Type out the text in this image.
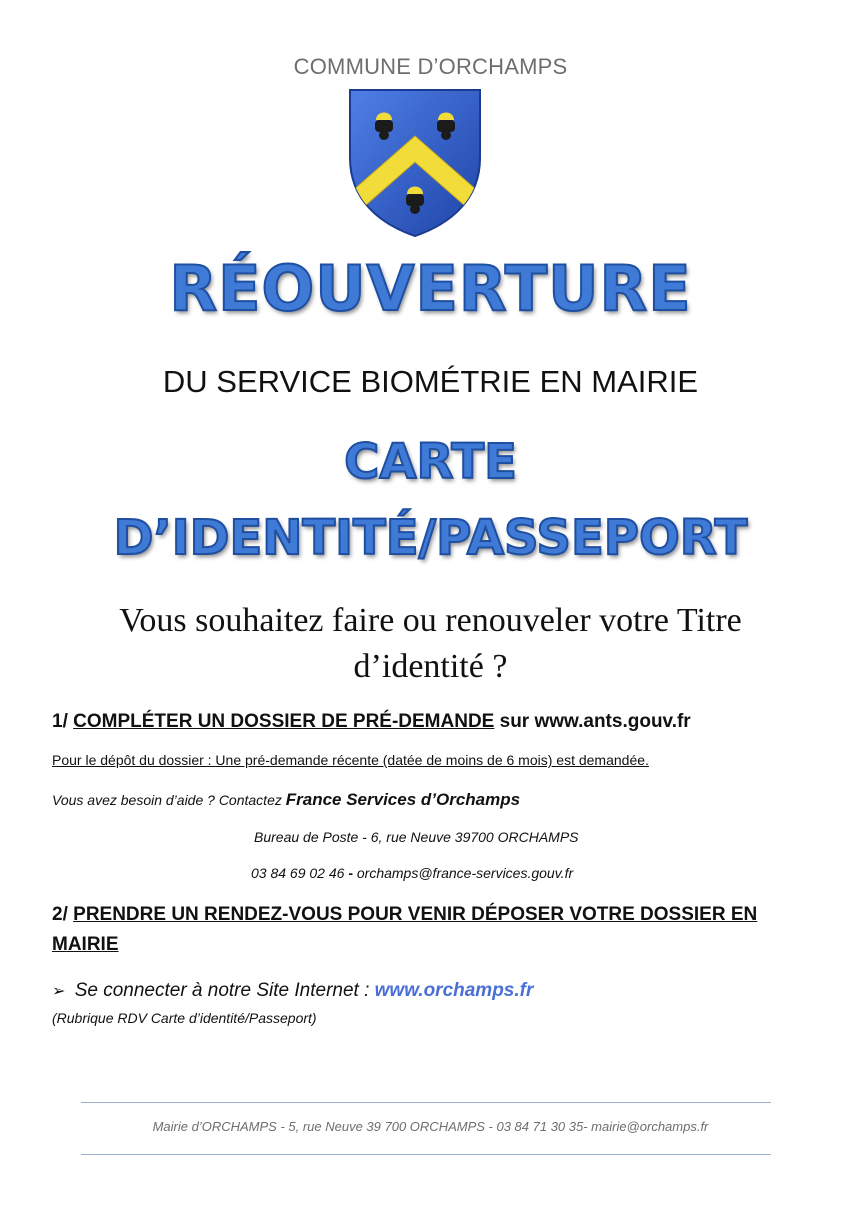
COMMUNE D’ORCHAMPS
RÉOUVERTURE
DU SERVICE BIOMÉTRIE EN MAIRIE
CARTE
D’IDENTITÉ/PASSEPORT
Vous souhaitez faire ou renouveler votre Titre d’identité ?
1/ COMPLÉTER UN DOSSIER DE PRÉ-DEMANDE sur www.ants.gouv.fr
Pour le dépôt du dossier : Une pré-demande récente (datée de moins de 6 mois) est demandée.
Vous avez besoin d’aide ? Contactez France Services d’Orchamps
Bureau de Poste - 6, rue Neuve 39700 ORCHAMPS
03 84 69 02 46 - orchamps@france-services.gouv.fr
2/ PRENDRE UN RENDEZ-VOUS POUR VENIR DÉPOSER VOTRE DOSSIER EN MAIRIE
➢ Se connecter à notre Site Internet : www.orchamps.fr
(Rubrique RDV Carte d’identité/Passeport)
Mairie d’ORCHAMPS - 5, rue Neuve 39 700 ORCHAMPS - 03 84 71 30 35- mairie@orchamps.fr
